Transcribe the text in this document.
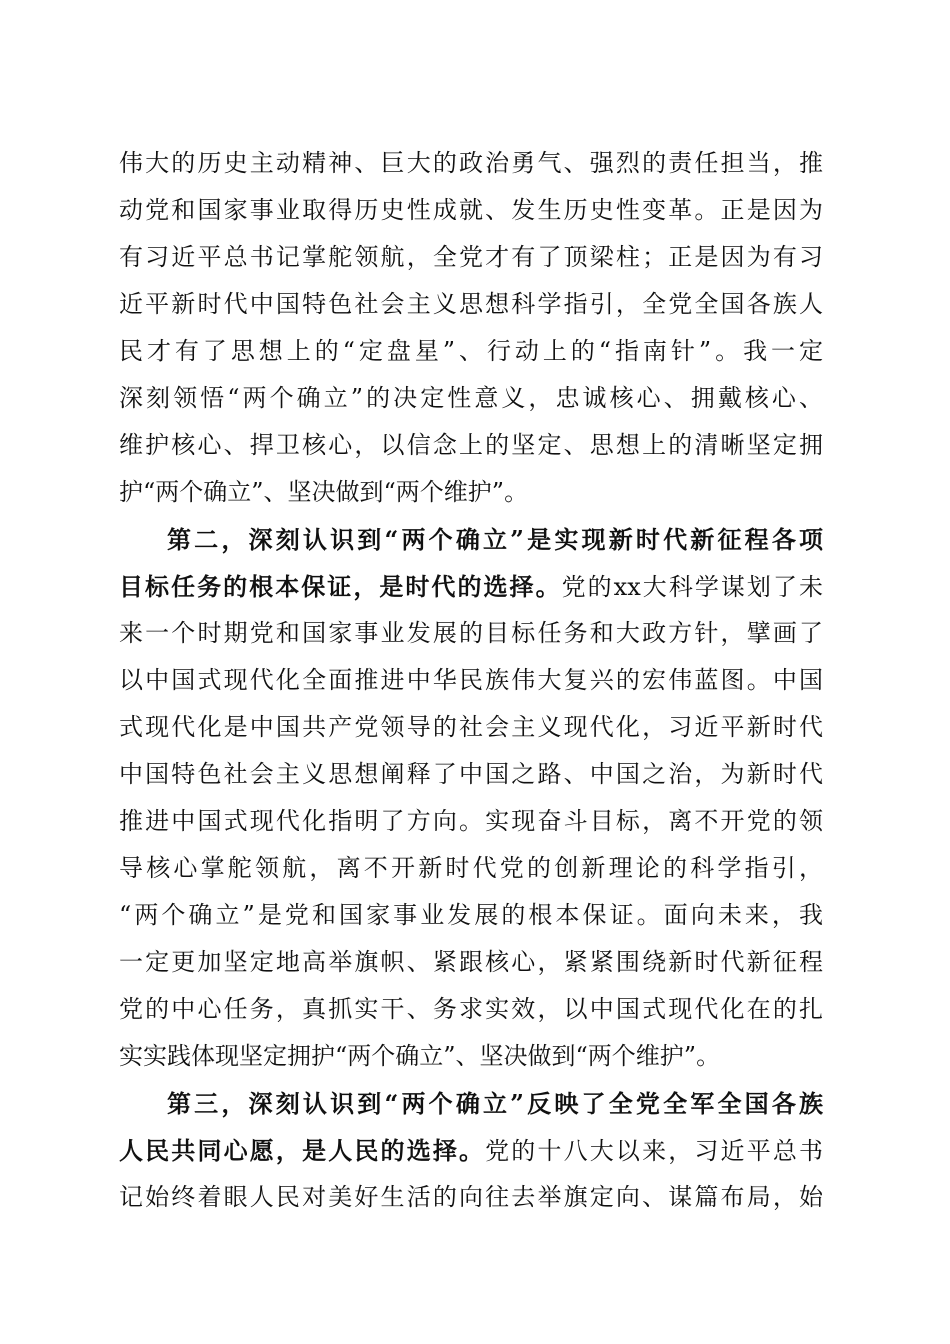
伟大的历史主动精神、巨大的政治勇气、强烈的责任担当，推
动党和国家事业取得历史性成就、发生历史性变革。正是因为
有习近平总书记掌舵领航，全党才有了顶梁柱；正是因为有习
近平新时代中国特色社会主义思想科学指引，全党全国各族人
民才有了思想上的“定盘星”、行动上的“指南针”。我一定
深刻领悟“两个确立”的决定性意义，忠诚核心、拥戴核心、
维护核心、捍卫核心，以信念上的坚定、思想上的清晰坚定拥
护“两个确立”、坚决做到“两个维护”。
第二，深刻认识到“两个确立”是实现新时代新征程各项
目标任务的根本保证，是时代的选择。党的xx大科学谋划了未
来一个时期党和国家事业发展的目标任务和大政方针，擘画了
以中国式现代化全面推进中华民族伟大复兴的宏伟蓝图。中国
式现代化是中国共产党领导的社会主义现代化，习近平新时代
中国特色社会主义思想阐释了中国之路、中国之治，为新时代
推进中国式现代化指明了方向。实现奋斗目标，离不开党的领
导核心掌舵领航，离不开新时代党的创新理论的科学指引，
“两个确立”是党和国家事业发展的根本保证。面向未来，我
一定更加坚定地高举旗帜、紧跟核心，紧紧围绕新时代新征程
党的中心任务，真抓实干、务求实效，以中国式现代化在的扎
实实践体现坚定拥护“两个确立”、坚决做到“两个维护”。
第三，深刻认识到“两个确立”反映了全党全军全国各族
人民共同心愿，是人民的选择。党的十八大以来，习近平总书
记始终着眼人民对美好生活的向往去举旗定向、谋篇布局，始
